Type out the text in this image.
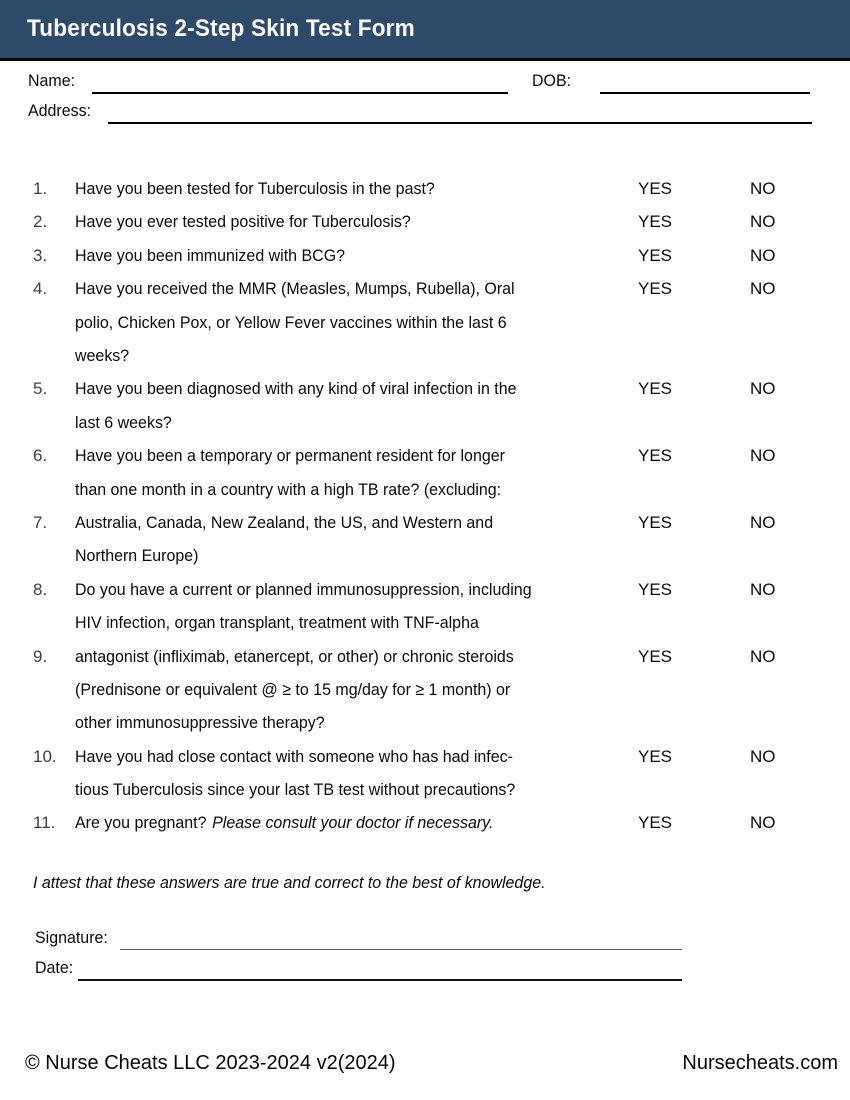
Tuberculosis 2-Step Skin Test Form
Name:	DOB:
Address:
1.	Have you been tested for Tuberculosis in the past?	YES	NO
2.	Have you ever tested positive for Tuberculosis?	YES	NO
3.	Have you been immunized with BCG?	YES	NO
4.	Have you received the MMR (Measles, Mumps, Rubella), Oral
polio, Chicken Pox, or Yellow Fever vaccines within the last 6
weeks?
YES	NO
5.	Have you been diagnosed with any kind of viral infection in the
last 6 weeks?
YES	NO
6.	Have you been a temporary or permanent resident for longer
than one month in a country with a high TB rate? (excluding:
YES	NO
7.	Australia, Canada, New Zealand, the US, and Western and
Northern Europe)
YES	NO
8.	Do you have a current or planned immunosuppression, including
HIV infection, organ transplant, treatment with TNF-alpha
YES	NO
9.	antagonist (infliximab, etanercept, or other) or chronic steroids
(Prednisone or equivalent @ ≥ to 15 mg/day for ≥ 1 month) or
other immunosuppressive therapy?
YES	NO
10.	Have you had close contact with someone who has had infec-
tious Tuberculosis since your last TB test without precautions?
YES	NO
11.	Are you pregnant? Please consult your doctor if necessary.	YES	NO
I attest that these answers are true and correct to the best of knowledge.
Signature:
Date:
© Nurse Cheats LLC 2023-2024 v2(2024)	Nursecheats.com
